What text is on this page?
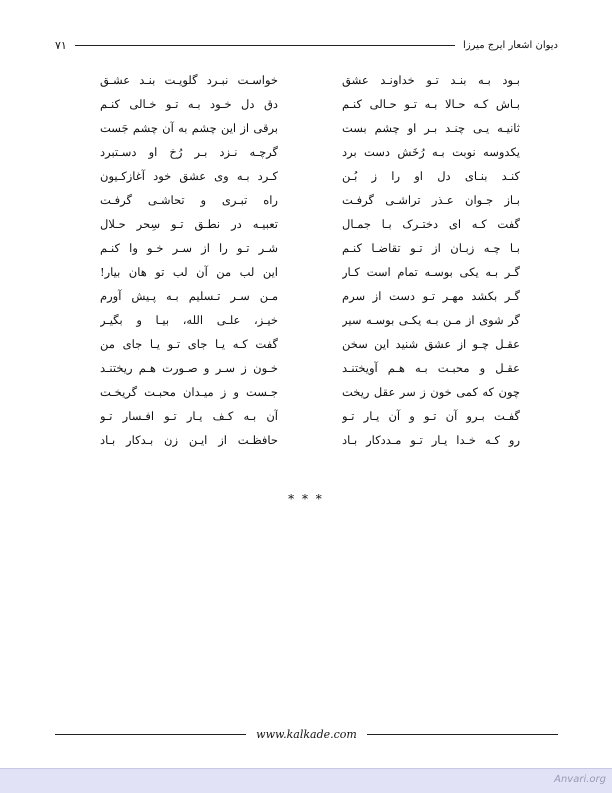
دیوان اشعار ایرج میرزا
۷۱
بـود بـه بنـد تـو خداونـد عشق
خواسـت نبـرد گلويـت بنـد عشـق
بـاش کـه حـالا بـه تـو حـالی کنـم
دقِ دل خـود بـه تـو خـالی کنـم
ثانيـه يـی چنـد بـر او چشم بست
برقی از اين چشم به آن چشم جَست
يکدوسه نوبت بـه رُخَش دست برد
گرچـه نـزد بـر رُخ او دسـتبرد
کنـد بنـای دل او را ز بُـن
کـرد بـه وی عشق خود آغازکـيون
بـاز جـوان عـذر تراشـی گرفـت
راه تبـری و تحاشـی گرفـت
گفت کـه ای دختـرک بـا جمـال
تعبيـه در نطـق تـو سِحرِ حـلال
بـا چـه زبـان از تـو تقاضـا کنـم
شـر تـو را از سـر خـو وا کنـم
گـر بـه يکی بوسـه تمام است کـار
اين لب من آن لب تو هان بيار!
گـر بکشد مهـر تـو دست از سرم
مـن سـر تـسليم بـه پـيش آورم
گر شوی از مـن بـه يکـی بوسـه سير
خيـز، علـی الله، بيـا و بگيـر
عقـل چـو از عشق شنيد اين سخن
گفت کـه يـا جای تـو يـا جای من
عقـل و محبـت بـه هـم آويختنـد
خـون ز سـر و صـورت هـم ريختنـد
چون که کمی خون ز سر عقل ريخت
جـست و ز ميـدان محبـت گريخـت
گفـت بـرو آن تـو و آن يـار تـو
آن بـه کـف يـار تـو افـسار تـو
رو کـه خـدا يـار تـو مـددکار بـاد
حافظـت از ايـن زن بـدکار بـاد
* * *
www.kalkade.com
Anvari.org
